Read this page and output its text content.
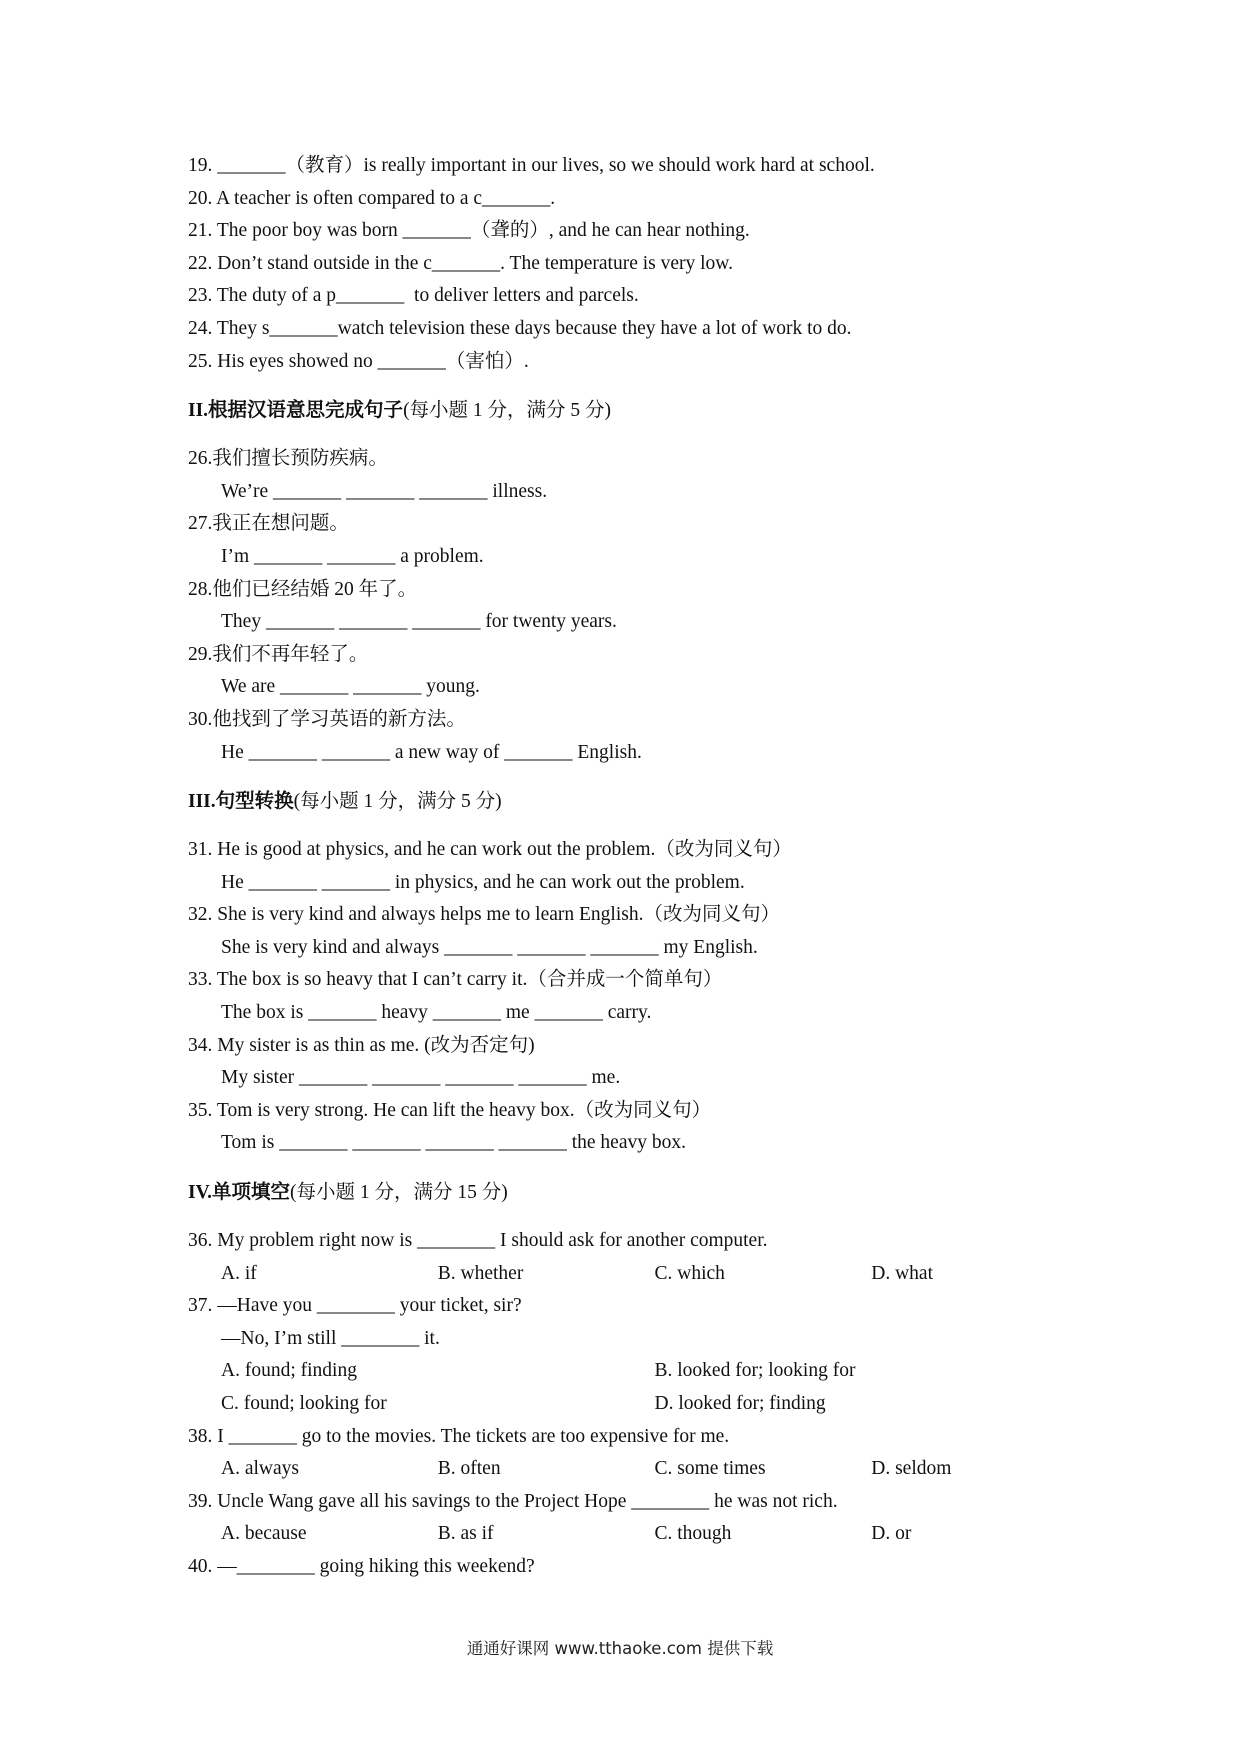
19. _______（教育）is really important in our lives, so we should work hard at school.
20. A teacher is often compared to a c_______.
21. The poor boy was born _______（聋的）, and he can hear nothing.
22. Don’t stand outside in the c_______. The temperature is very low.
23. The duty of a p_______  to deliver letters and parcels.
24. They s_______watch television these days because they have a lot of work to do.
25. His eyes showed no _______（害怕）.
II.根据汉语意思完成句子(每小题 1 分，满分 5 分)
26.我们擅长预防疾病。
We’re _______ _______ _______ illness.
27.我正在想问题。
I’m _______ _______ a problem.
28.他们已经结婚 20 年了。
They _______ _______ _______ for twenty years.
29.我们不再年轻了。
We are _______ _______ young.
30.他找到了学习英语的新方法。
He _______ _______ a new way of _______ English.
III.句型转换(每小题 1 分，满分 5 分)
31. He is good at physics, and he can work out the problem.（改为同义句）
He _______ _______ in physics, and he can work out the problem.
32. She is very kind and always helps me to learn English.（改为同义句）
She is very kind and always _______ _______ _______ my English.
33. The box is so heavy that I can’t carry it.（合并成一个简单句）
The box is _______ heavy _______ me _______ carry.
34. My sister is as thin as me. (改为否定句)
My sister _______ _______ _______ _______ me.
35. Tom is very strong. He can lift the heavy box.（改为同义句）
Tom is _______ _______ _______ _______ the heavy box.
IV.单项填空(每小题 1 分，满分 15 分)
36. My problem right now is ________ I should ask for another computer.
A. if	B. whether	C. which	D. what
37. —Have you ________ your ticket, sir?
—No, I’m still ________ it.
A. found; finding	B. looked for; looking for
C. found; looking for	D. looked for; finding
38. I _______ go to the movies. The tickets are too expensive for me.
A. always	B. often	C. some times	D. seldom
39. Uncle Wang gave all his savings to the Project Hope ________ he was not rich.
A. because	B. as if	C. though	D. or
40. —________ going hiking this weekend?
通通好课网 www.tthaoke.com 提供下载
